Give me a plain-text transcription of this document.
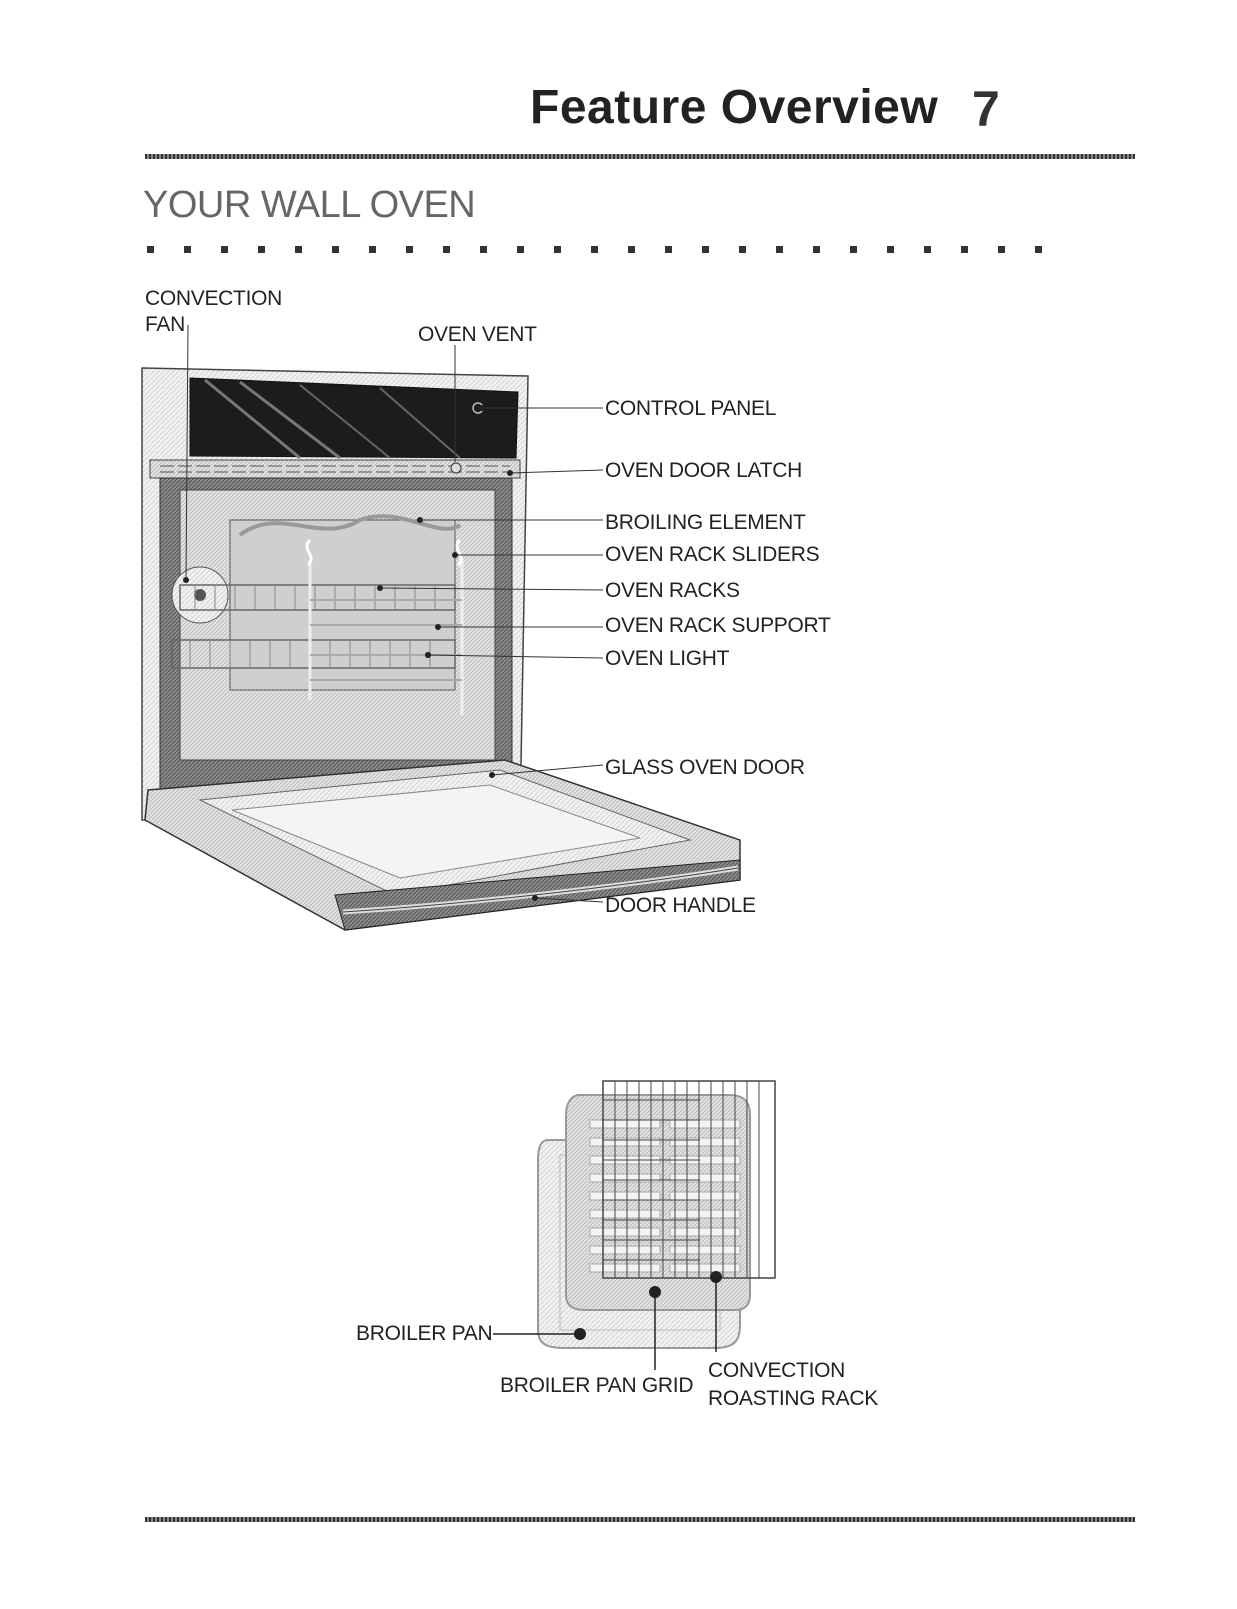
Feature Overview 7
YOUR WALL OVEN
CONVECTION
FAN	OVEN VENT
CONTROL PANEL
OVEN DOOR LATCH
BROILING ELEMENT
OVEN RACK SLIDERS
OVEN RACKS
OVEN RACK SUPPORT
OVEN LIGHT
GLASS OVEN DOOR
DOOR HANDLE
BROILER PAN
BROILER PAN GRID
CONVECTION
ROASTING RACK
